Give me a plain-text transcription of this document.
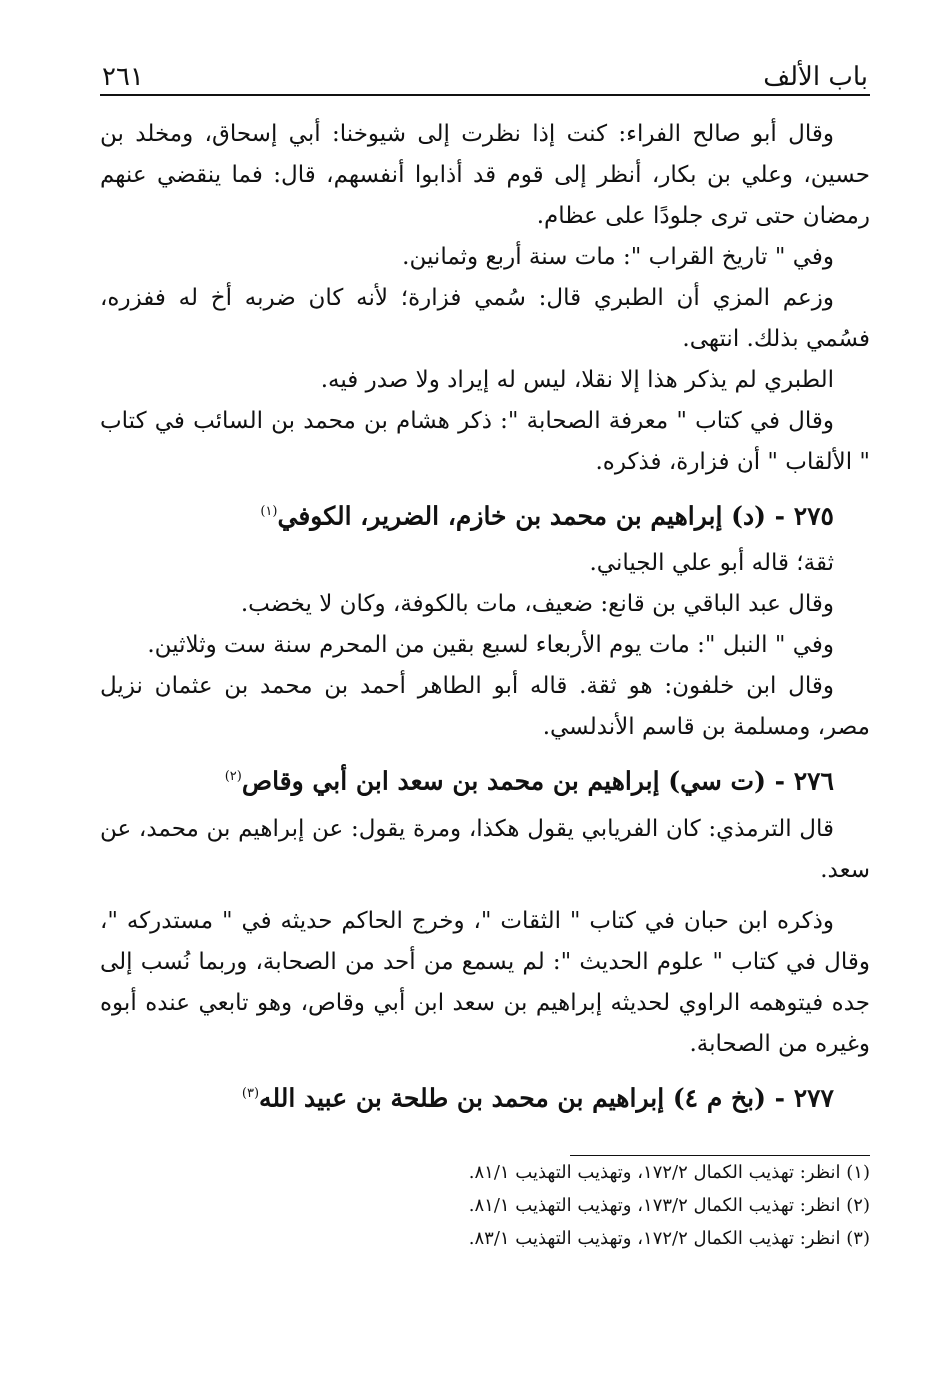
باب الألف
٢٦١

وقال أبو صالح الفراء: كنت إذا نظرت إلى شيوخنا: أبي إسحاق، ومخلد بن حسين، وعلي بن بكار، أنظر إلى قوم قد أذابوا أنفسهم، قال: فما ينقضي عنهم رمضان حتى ترى جلودًا على عظام.

وفي " تاريخ القراب ": مات سنة أربع وثمانين.

وزعم المزي أن الطبري قال: سُمي فزارة؛ لأنه كان ضربه أخ له ففزره، فسُمي بذلك. انتهى.

الطبري لم يذكر هذا إلا نقلا، ليس له إيراد ولا صدر فيه.

وقال في كتاب " معرفة الصحابة ": ذكر هشام بن محمد بن السائب في كتاب " الألقاب " أن فزارة، فذكره.

٢٧٥ - (د) إبراهيم بن محمد بن خازم، الضرير، الكوفي$^{(١)}$

ثقة؛ قاله أبو علي الجياني.

وقال عبد الباقي بن قانع: ضعيف، مات بالكوفة، وكان لا يخضب.

وفي " النبل ": مات يوم الأربعاء لسبع بقين من المحرم سنة ست وثلاثين.

وقال ابن خلفون: هو ثقة. قاله أبو الطاهر أحمد بن محمد بن عثمان نزيل مصر، ومسلمة بن قاسم الأندلسي.

٢٧٦ - (ت سي) إبراهيم بن محمد بن سعد ابن أبي وقاص$^{(٢)}$

قال الترمذي: كان الفريابي يقول هكذا، ومرة يقول: عن إبراهيم بن محمد، عن سعد.

وذكره ابن حبان في كتاب " الثقات "، وخرج الحاكم حديثه في " مستدركه "، وقال في كتاب " علوم الحديث ": لم يسمع من أحد من الصحابة، وربما نُسب إلى جده فيتوهمه الراوي لحديثه إبراهيم بن سعد ابن أبي وقاص، وهو تابعي عنده أبوه وغيره من الصحابة.

٢٧٧ - (بخ م ٤) إبراهيم بن محمد بن طلحة بن عبيد الله$^{(٣)}$
(١) انظر: تهذيب الكمال ١٧٢/٢، وتهذيب التهذيب ٨١/١.
(٢) انظر: تهذيب الكمال ١٧٣/٢، وتهذيب التهذيب ٨١/١.
(٣) انظر: تهذيب الكمال ١٧٢/٢، وتهذيب التهذيب ٨٣/١.
